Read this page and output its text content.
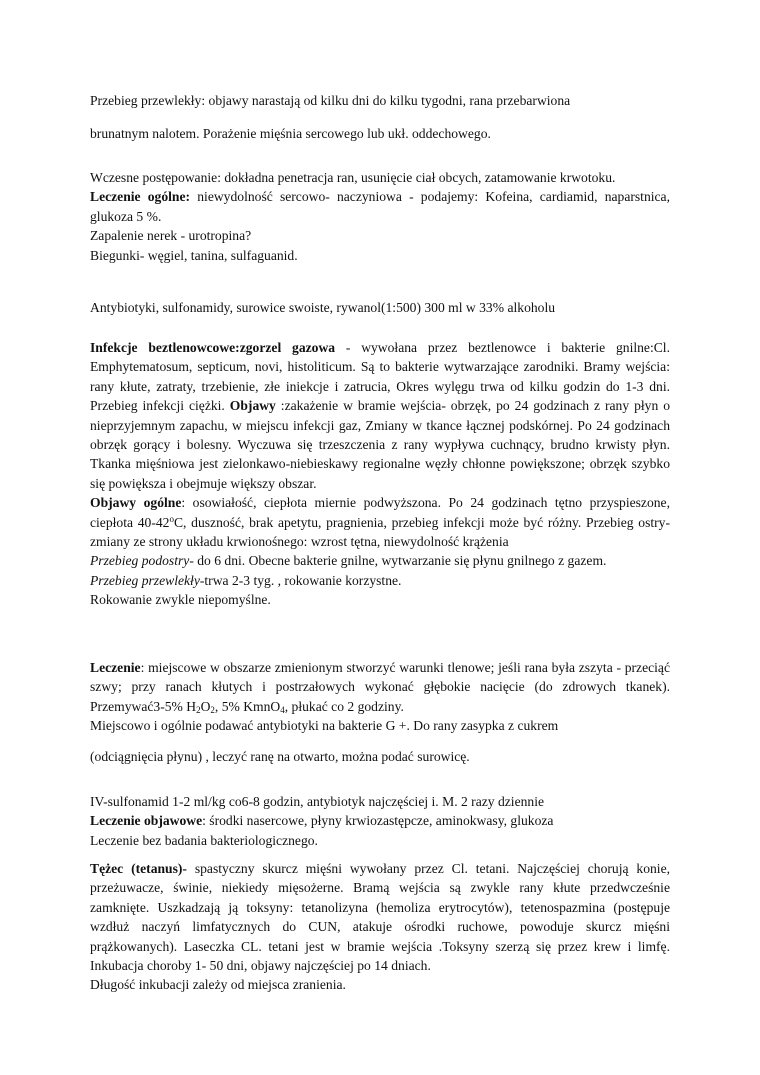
Przebieg przewlekły: objawy narastają od kilku dni do kilku tygodni, rana przebarwiona

brunatnym nalotem. Porażenie mięśnia sercowego lub ukł. oddechowego.

Wczesne postępowanie: dokładna penetracja ran, usunięcie ciał obcych, zatamowanie krwotoku.

Leczenie ogólne: niewydolność sercowo- naczyniowa - podajemy: Kofeina, cardiamid, naparstnica, glukoza 5 %.

Zapalenie nerek - urotropina?

Biegunki- węgiel, tanina, sulfaguanid.

Antybiotyki, sulfonamidy, surowice swoiste, rywanol(1:500) 300 ml w 33% alkoholu

Infekcje beztlenowcowe:zgorzel gazowa - wywołana przez beztlenowce i bakterie gnilne:Cl. Emphytematosum, septicum, novi, histoliticum. Są to bakterie wytwarzające zarodniki. Bramy wejścia: rany kłute, zatraty, trzebienie, złe iniekcje i zatrucia, Okres wylęgu trwa od kilku godzin do 1-3 dni. Przebieg infekcji ciężki. Objawy :zakażenie w bramie wejścia- obrzęk, po 24 godzinach z rany płyn o nieprzyjemnym zapachu, w miejscu infekcji gaz, Zmiany w tkance łącznej podskórnej. Po 24 godzinach obrzęk gorący i bolesny. Wyczuwa się trzeszczenia z rany wypływa cuchnący, brudno krwisty płyn. Tkanka mięśniowa jest zielonkawo-niebieskawy regionalne węzły chłonne powiększone; obrzęk szybko się powiększa i obejmuje większy obszar.

Objawy ogólne: osowiałość, ciepłota miernie podwyższona. Po 24 godzinach tętno przyspieszone, ciepłota 40-42$^o$C, duszność, brak apetytu, pragnienia, przebieg infekcji może być różny. Przebieg ostry-zmiany ze strony układu krwionośnego: wzrost tętna, niewydolność krążenia

Przebieg podostry- do 6 dni. Obecne bakterie gnilne, wytwarzanie się płynu gnilnego z gazem.

Przebieg przewlekły-trwa 2-3 tyg. , rokowanie korzystne.

Rokowanie zwykle niepomyślne.

Leczenie: miejscowe w obszarze zmienionym stworzyć warunki tlenowe; jeśli rana była zszyta - przeciąć szwy; przy ranach kłutych i postrzałowych wykonać głębokie nacięcie (do zdrowych tkanek). Przemywać3-5% $H_2O_2$, 5% KmnO$_4$, płukać co 2 godziny.

Miejscowo i ogólnie podawać antybiotyki na bakterie G +. Do rany zasypka z cukrem

(odciągnięcia płynu) , leczyć ranę na otwarto, można podać surowicę.

IV-sulfonamid 1-2 ml/kg co6-8 godzin, antybiotyk najczęściej i. M. 2 razy dziennie

Leczenie objawowe: środki nasercowe, płyny krwiozastępcze, aminokwasy, glukoza

Leczenie bez badania bakteriologicznego.

Tężec (tetanus)- spastyczny skurcz mięśni wywołany przez Cl. tetani. Najczęściej chorują konie, przeżuwacze, świnie, niekiedy mięsożerne. Bramą wejścia są zwykle rany kłute przedwcześnie zamknięte. Uszkadzają ją toksyny: tetanolizyna (hemoliza erytrocytów), tetenospazmina (postępuje wzdłuż naczyń limfatycznych do CUN, atakuje ośrodki ruchowe, powoduje skurcz mięśni prążkowanych). Laseczka CL. tetani jest w bramie wejścia .Toksyny szerzą się przez krew i limfę. Inkubacja choroby 1- 50 dni, objawy najczęściej po 14 dniach.

Długość inkubacji zależy od miejsca zranienia.
